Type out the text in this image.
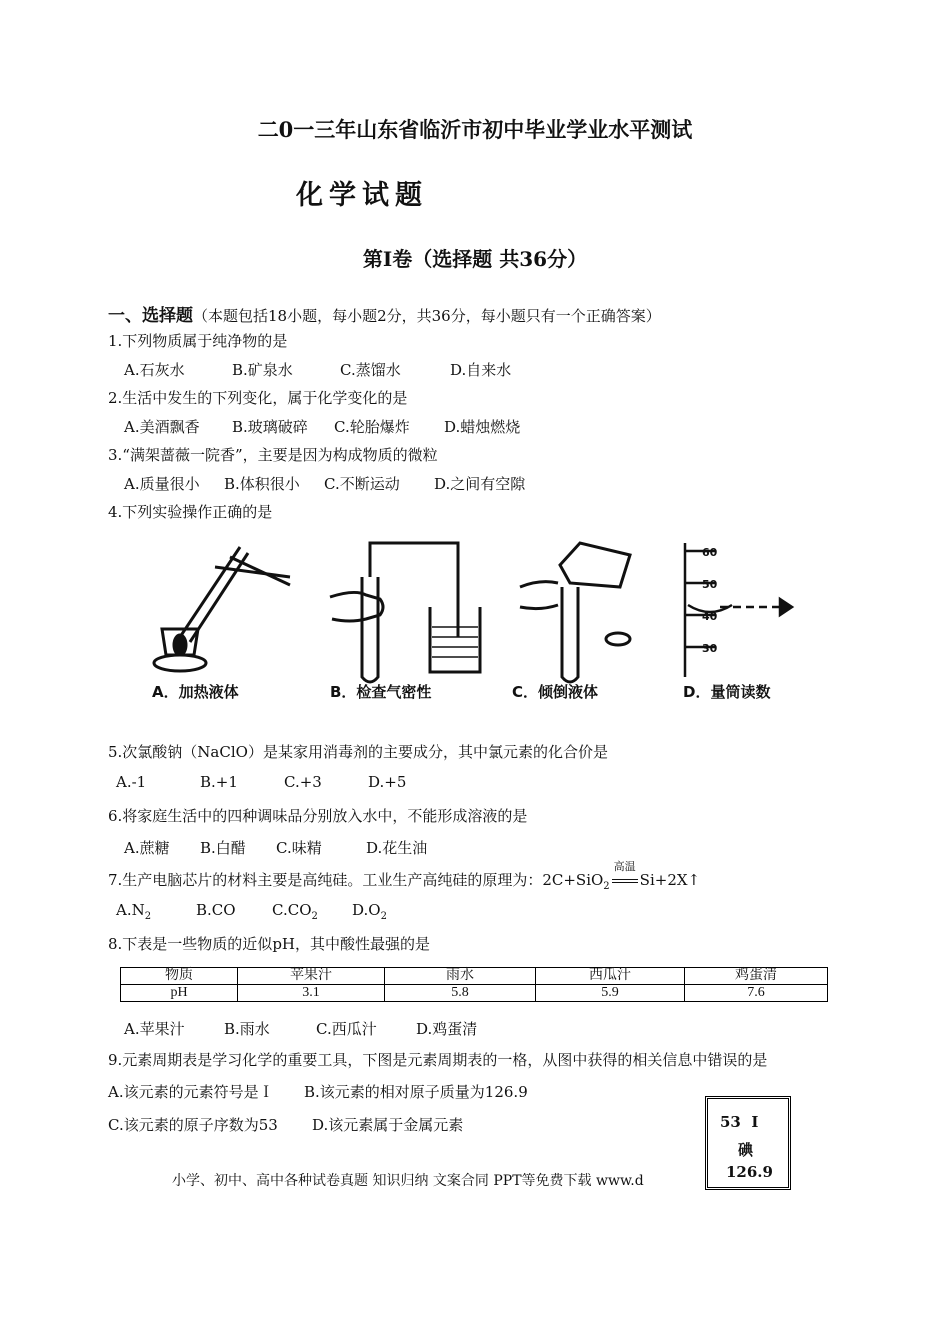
二0一三年山东省临沂市初中毕业学业水平测试
化学试题
第Ⅰ卷（选择题 共36分）
一、选择题（本题包括18小题，每小题2分，共36分，每小题只有一个正确答案）
1.下列物质属于纯净物的是
A.石灰水	B.矿泉水	C.蒸馏水	D.自来水
2.生活中发生的下列变化，属于化学变化的是
A.美酒飘香 B.玻璃破碎 C.轮胎爆炸 D.蜡烛燃烧
3.“满架蔷薇一院香”，主要是因为构成物质的微粒
A.质量很小 B.体积很小 C.不断运动 D.之间有空隙
4.下列实验操作正确的是
60
50
40
30
A．加热液体	B．检查气密性	C．倾倒液体	D．量筒读数
5.次氯酸钠（NaClO）是某家用消毒剂的主要成分，其中氯元素的化合价是
A.-1	B.+1	C.+3	D.+5
6.将家庭生活中的四种调味品分别放入水中，不能形成溶液的是
A.蔗糖 B.白醋 C.味精	D.花生油
7.生产电脑芯片的材料主要是高纯硅。工业生产高纯硅的原理为：2C+SiO$_2$
高温
Si+2X↑
$A.N_2$	B.CO $C.CO_2$ $D.O_2$
8.下表是一些物质的近似pH，其中酸性最强的是
物质	苹果汁	雨水	西瓜汁	鸡蛋清
pH	3.1	5.8	5.9	7.6
A.苹果汁	B.雨水	C.西瓜汁	D.鸡蛋清
9.元素周期表是学习化学的重要工具，下图是元素周期表的一格，从图中获得的相关信息中错误的是
A.该元素的元素符号是Ｉ B.该元素的相对原子质量为126.9
C.该元素的原子序数为53 D.该元素属于金属元素
小学、初中、高中各种试卷真题 知识归纳 文案合同 PPT等免费下载 www.d
53  I
碘
126.9
